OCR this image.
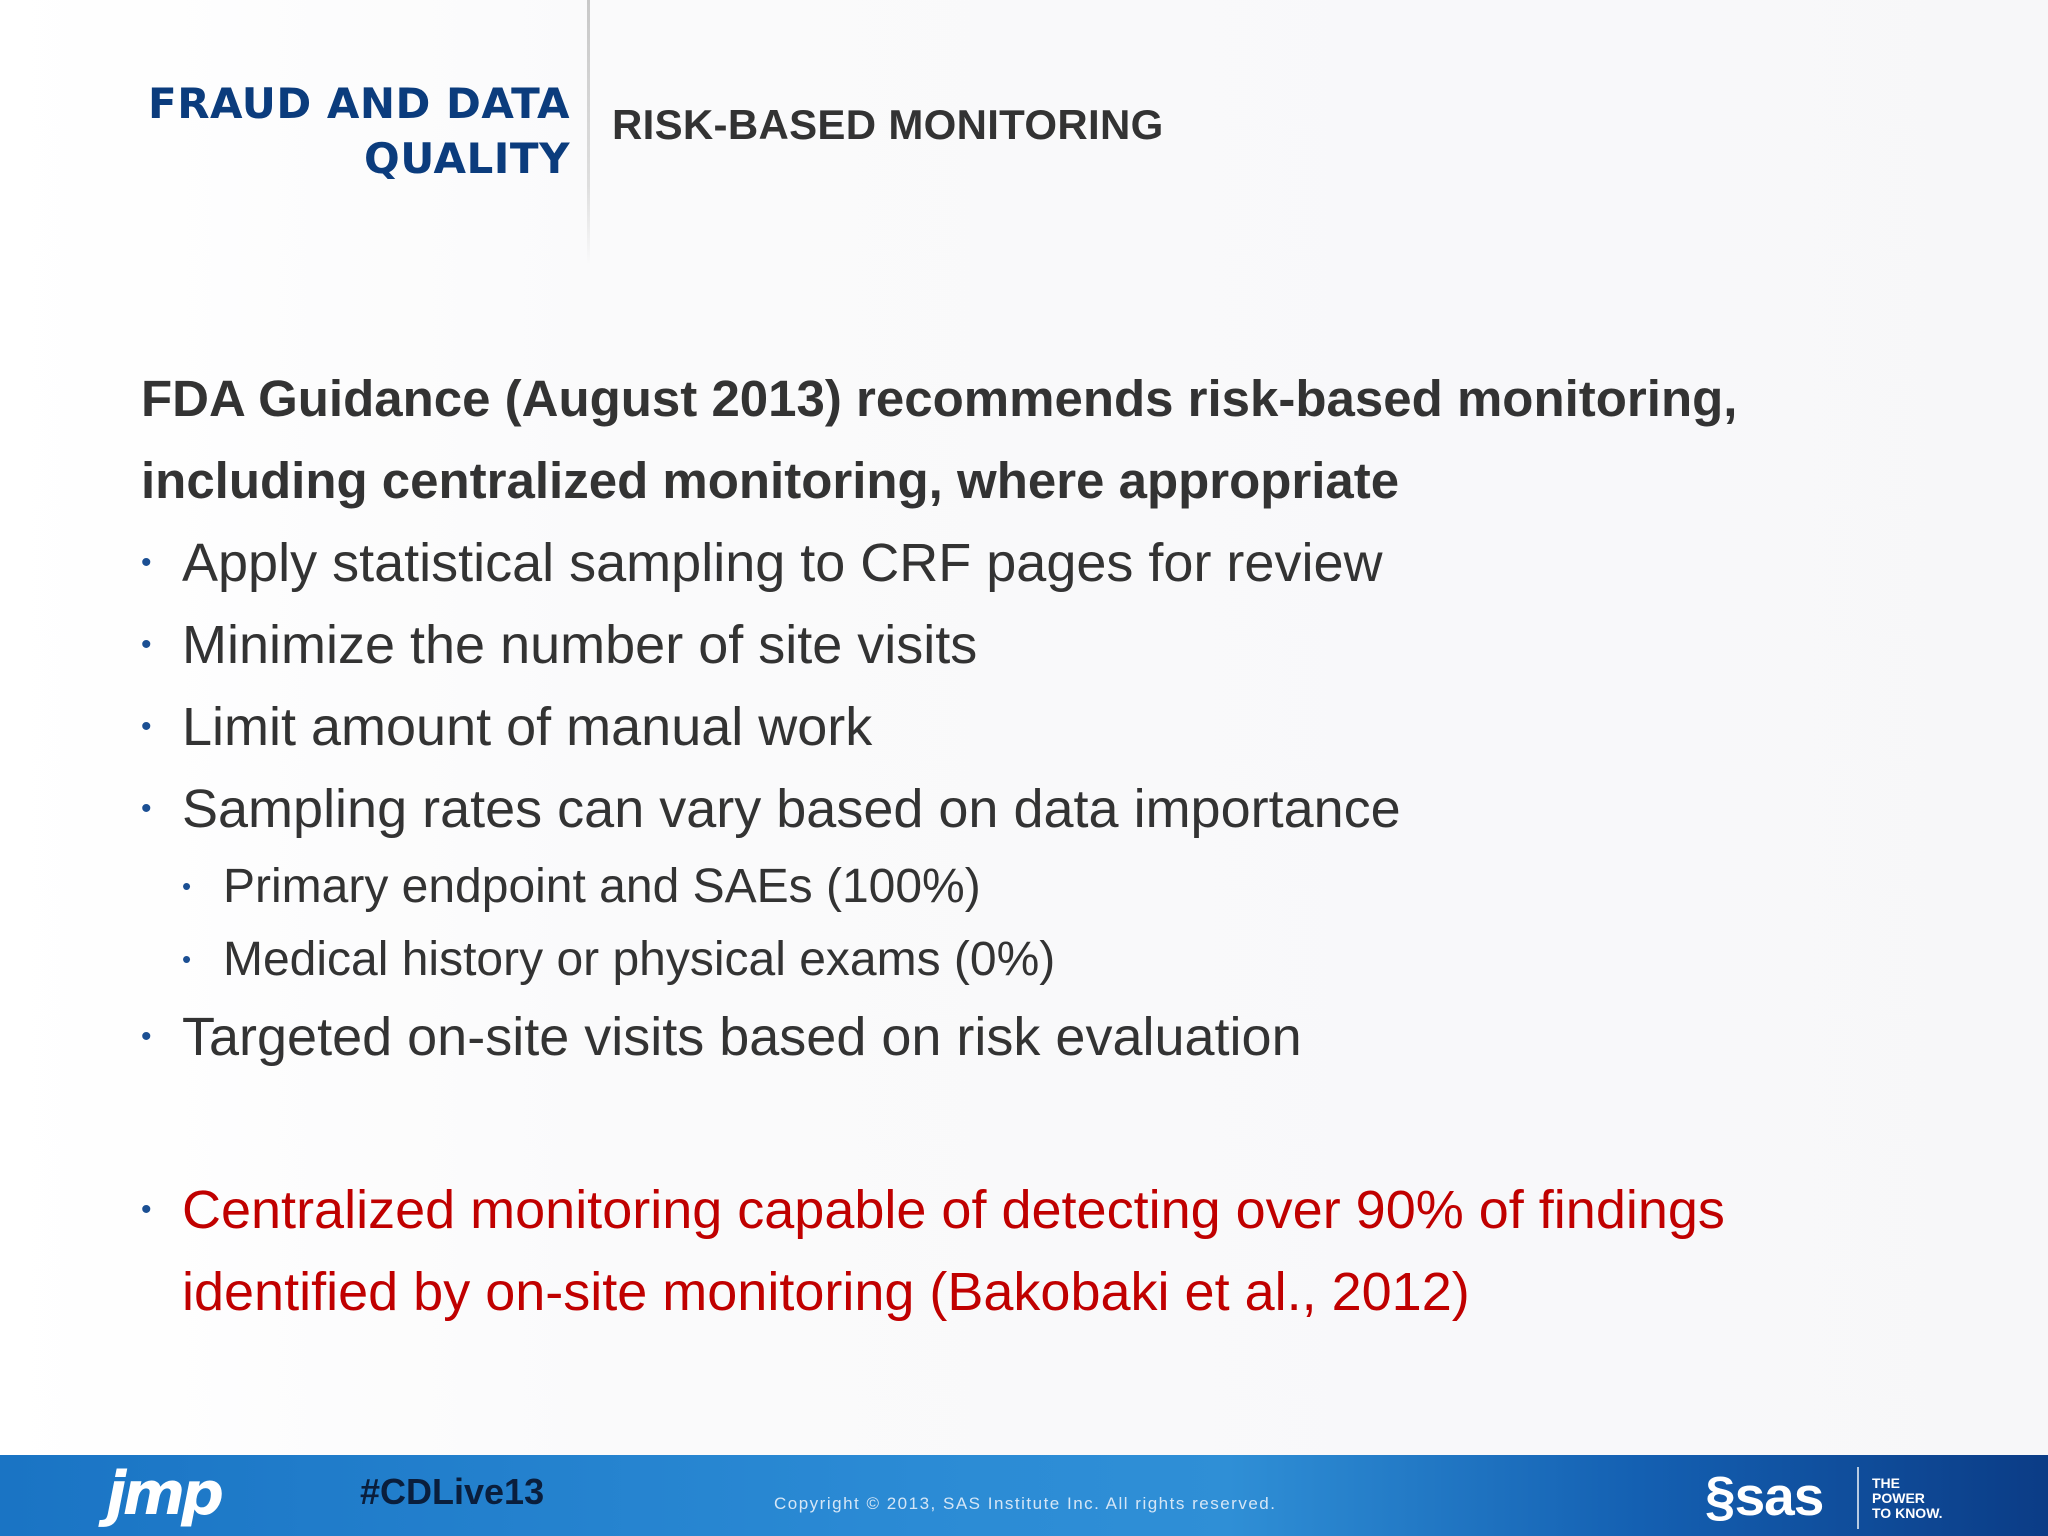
FRAUD AND DATA
QUALITY
RISK-BASED MONITORING

FDA Guidance (August 2013) recommends risk-based monitoring,
including centralized monitoring, where appropriate

• Apply statistical sampling to CRF pages for review
• Minimize the number of site visits
• Limit amount of manual work
• Sampling rates can vary based on data importance
• Primary endpoint and SAEs (100%)
• Medical history or physical exams (0%)
• Targeted on-site visits based on risk evaluation
• Centralized monitoring capable of detecting over 90% of findings
identified by on-site monitoring (Bakobaki et al., 2012)
jmp	#CDLive13	Copyright © 2013, SAS Institute Inc. All rights reserved.	§sas	THE
POWER
TO KNOW.
